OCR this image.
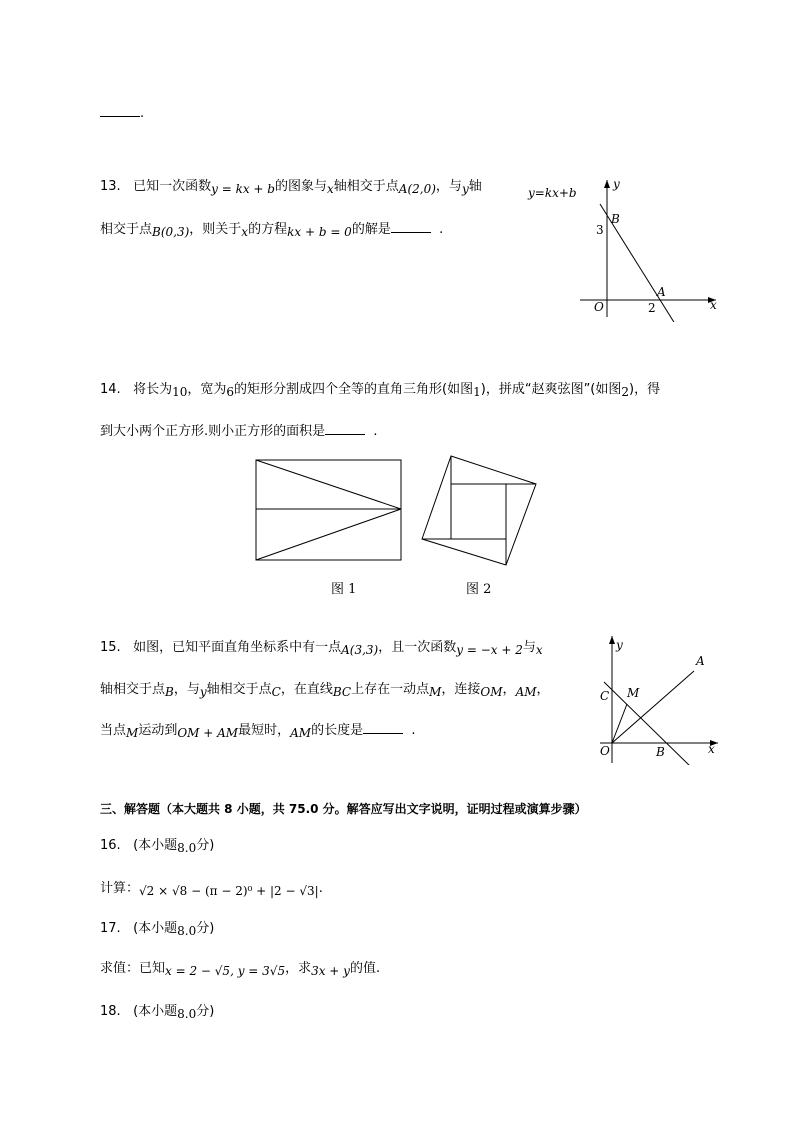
.
13. 已知一次函数y = kx + b的图象与x轴相交于点A(2,0)，与y轴
相交于点B(0,3)，则关于x的方程kx + b = 0的解是	.
y=kx+b
y
x
O
B
3
A
2
14. 将长为10，宽为6的矩形分割成四个全等的直角三角形(如图1)，拼成“赵爽弦图”(如图2)，得
到大小两个正方形.则小正方形的面积是	.
图 1	图 2
15. 如图，已知平面直角坐标系中有一点A(3,3)，且一次函数y = −x + 2与x
轴相交于点B，与y轴相交于点C，在直线BC上存在一动点M，连接OM，AM，
当点M运动到OM + AM最短时，AM的长度是	.
y
x
O
C M
A
B
三、解答题（本大题共 8 小题，共 75.0 分。解答应写出文字说明，证明过程或演算步骤）
16. (本小题8.0分)
计算：√2 × √8 − (π − 2)⁰ + |2 − √3|.
17. (本小题8.0分)
求值：已知x = 2 − √5, y = 3√5，求3x + y的值.
18. (本小题8.0分)
